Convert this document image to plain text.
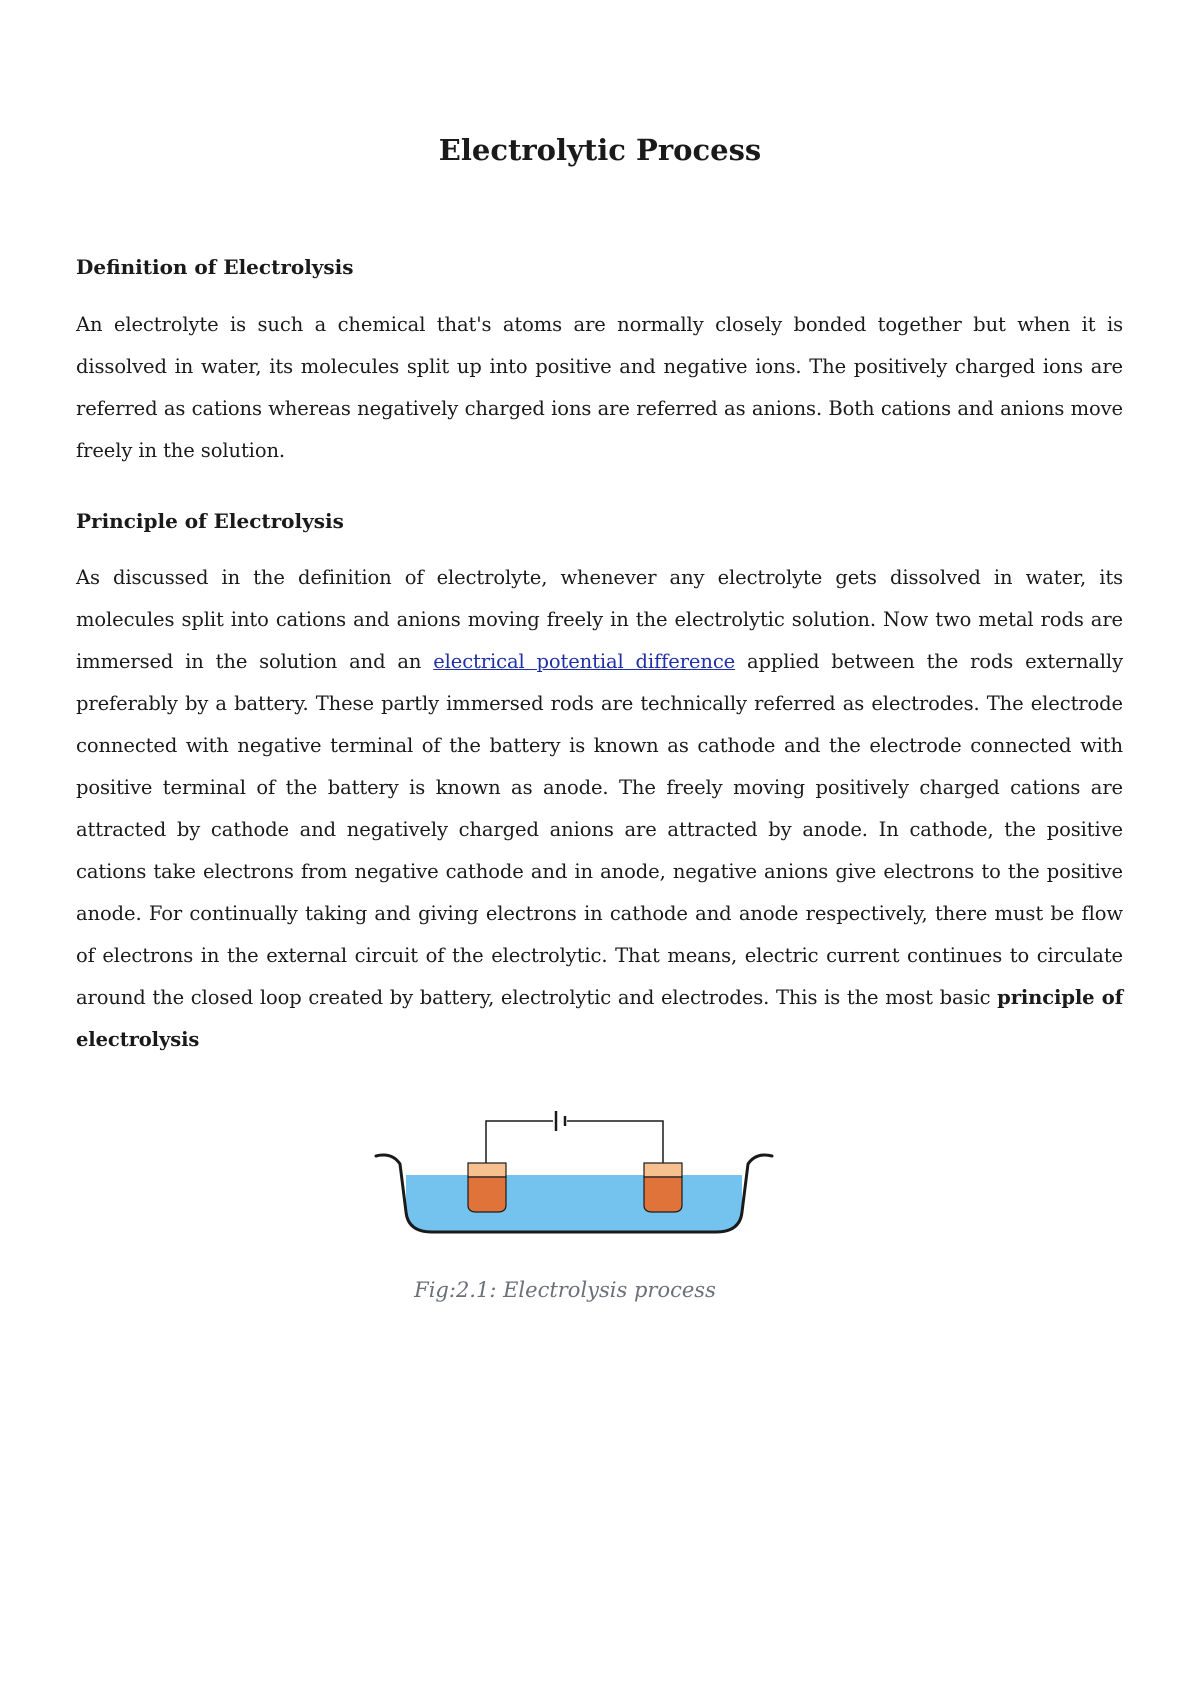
Electrolytic Process
Definition of Electrolysis

An electrolyte is such a chemical that's atoms are normally closely bonded together but when it is dissolved in water, its molecules split up into positive and negative ions. The positively charged ions are referred as cations whereas negatively charged ions are referred as anions. Both cations and anions move freely in the solution.

Principle of Electrolysis

As discussed in the definition of electrolyte, whenever any electrolyte gets dissolved in water, its molecules split into cations and anions moving freely in the electrolytic solution. Now two metal rods are immersed in the solution and an electrical potential difference applied between the rods externally preferably by a battery. These partly immersed rods are technically referred as electrodes. The electrode connected with negative terminal of the battery is known as cathode and the electrode connected with positive terminal of the battery is known as anode. The freely moving positively charged cations are attracted by cathode and negatively charged anions are attracted by anode. In cathode, the positive cations take electrons from negative cathode and in anode, negative anions give electrons to the positive anode. For continually taking and giving electrons in cathode and anode respectively, there must be flow of electrons in the external circuit of the electrolytic. That means, electric current continues to circulate around the closed loop created by battery, electrolytic and electrodes. This is the most basic principle of electrolysis

Fig:2.1: Electrolysis process
